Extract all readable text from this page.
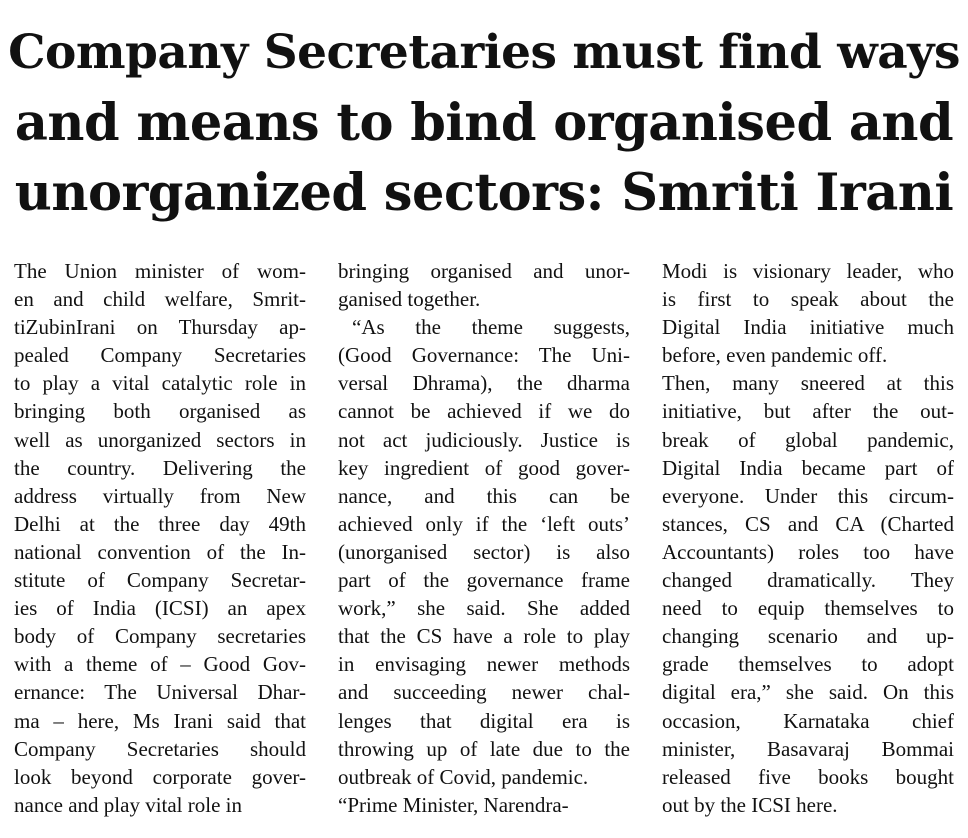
Company Secretaries must find ways
and means to bind organised and
unorganized sectors: Smriti Irani
The Union minister of wom-
en and child welfare, Smrit-
tiZubinIrani on Thursday ap-
pealed Company Secretaries
to play a vital catalytic role in
bringing both organised as
well as unorganized sectors in
the country. Delivering the
address virtually from New
Delhi at the three day 49th
national convention of the In-
stitute of Company Secretar-
ies of India (ICSI) an apex
body of Company secretaries
with a theme of – Good Gov-
ernance: The Universal Dhar-
ma – here, Ms Irani said that
Company Secretaries should
look beyond corporate gover-
nance and play vital role in
bringing organised and unor-
ganised together.
“As the theme suggests,
(Good Governance: The Uni-
versal Dhrama), the dharma
cannot be achieved if we do
not act judiciously. Justice is
key ingredient of good gover-
nance, and this can be
achieved only if the ‘left outs’
(unorganised sector) is also
part of the governance frame
work,” she said. She added
that the CS have a role to play
in envisaging newer methods
and succeeding newer chal-
lenges that digital era is
throwing up of late due to the
outbreak of Covid, pandemic.
“Prime Minister, Narendra-
Modi is visionary leader, who
is first to speak about the
Digital India initiative much
before, even pandemic off.
Then, many sneered at this
initiative, but after the out-
break of global pandemic,
Digital India became part of
everyone. Under this circum-
stances, CS and CA (Charted
Accountants) roles too have
changed dramatically. They
need to equip themselves to
changing scenario and up-
grade themselves to adopt
digital era,” she said. On this
occasion, Karnataka chief
minister, Basavaraj Bommai
released five books bought
out by the ICSI here.
